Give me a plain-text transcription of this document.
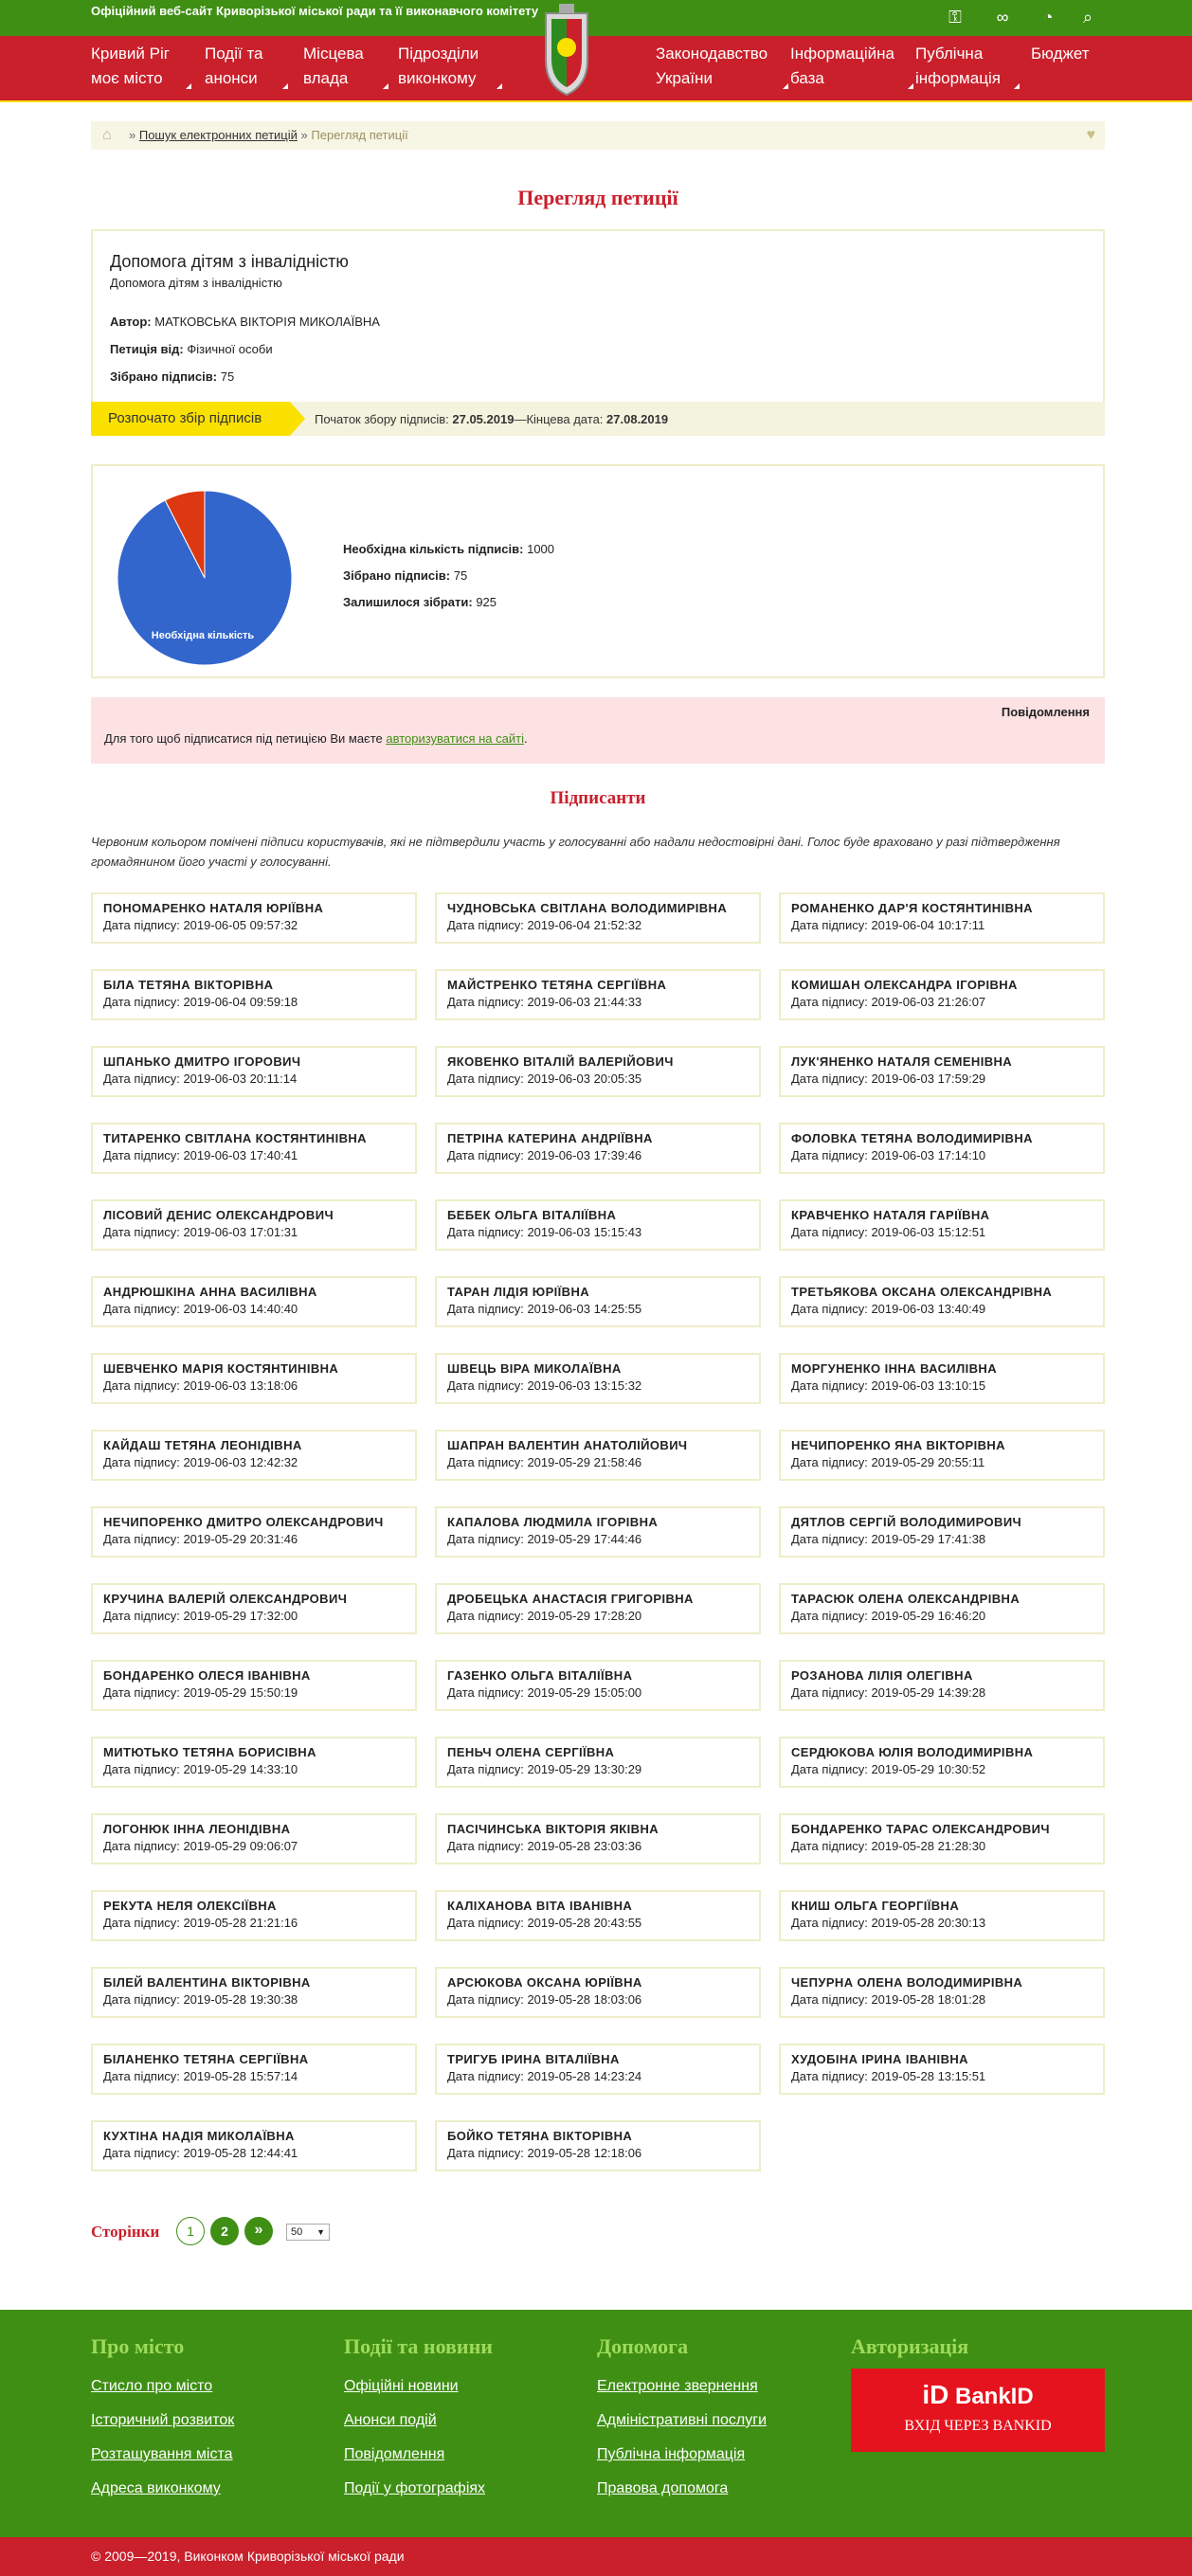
Офіційний веб-сайт Криворізької міської ради та її виконавчого комітету	⚿	∞	◔	⌕
Кривий Ріг моє місто
Події та анонси
Місцева влада
Підрозділи виконкому
Законодавство України
Інформаційна база
Публічна інформація
Бюджет
⌂ » Пошук електронних петицій » Перегляд петиції	♥
Перегляд петиції
Допомога дітям з інвалідністю
Допомога дітям з інвалідністю
Автор: МАТКОВСЬКА ВІКТОРІЯ МИКОЛАЇВНА
Петиція від: Фізичної особи
Зібрано підписів: 75
Розпочато збір підписів	Початок збору підписів: 27.05.2019—Кінцева дата: 27.08.2019
Необхідна кількість
Необхідна кількість підписів: 1000
Зібрано підписів: 75
Залишилося зібрати: 925
Повідомлення
Для того щоб підписатися під петицією Ви маєте авторизуватися на сайті.
Підписанти
Червоним кольором помічені підписи користувачів, які не підтвердили участь у голосуванні або надали недостовірні дані. Голос буде враховано у разі підтвердження громадянином його участі у голосуванні.
ПОНОМАРЕНКО НАТАЛЯ ЮРІЇВНА
Дата підпису: 2019-06-05 09:57:32
ЧУДНОВСЬКА СВІТЛАНА ВОЛОДИМИРІВНА
Дата підпису: 2019-06-04 21:52:32
РОМАНЕНКО ДАР'Я КОСТЯНТИНІВНА
Дата підпису: 2019-06-04 10:17:11
БІЛА ТЕТЯНА ВІКТОРІВНА
Дата підпису: 2019-06-04 09:59:18
МАЙСТРЕНКО ТЕТЯНА СЕРГІЇВНА
Дата підпису: 2019-06-03 21:44:33
КОМИШАН ОЛЕКСАНДРА ІГОРІВНА
Дата підпису: 2019-06-03 21:26:07
ШПАНЬКО ДМИТРО ІГОРОВИЧ
Дата підпису: 2019-06-03 20:11:14
ЯКОВЕНКО ВІТАЛІЙ ВАЛЕРІЙОВИЧ
Дата підпису: 2019-06-03 20:05:35
ЛУК'ЯНЕНКО НАТАЛЯ СЕМЕНІВНА
Дата підпису: 2019-06-03 17:59:29
ТИТАРЕНКО СВІТЛАНА КОСТЯНТИНІВНА
Дата підпису: 2019-06-03 17:40:41
ПЕТРІНА КАТЕРИНА АНДРІЇВНА
Дата підпису: 2019-06-03 17:39:46
ФОЛОВКА ТЕТЯНА ВОЛОДИМИРІВНА
Дата підпису: 2019-06-03 17:14:10
ЛІСОВИЙ ДЕНИС ОЛЕКСАНДРОВИЧ
Дата підпису: 2019-06-03 17:01:31
БЕБЕК ОЛЬГА ВІТАЛІЇВНА
Дата підпису: 2019-06-03 15:15:43
КРАВЧЕНКО НАТАЛЯ ГАРІЇВНА
Дата підпису: 2019-06-03 15:12:51
АНДРЮШКІНА АННА ВАСИЛІВНА
Дата підпису: 2019-06-03 14:40:40
ТАРАН ЛІДІЯ ЮРІЇВНА
Дата підпису: 2019-06-03 14:25:55
ТРЕТЬЯКОВА ОКСАНА ОЛЕКСАНДРІВНА
Дата підпису: 2019-06-03 13:40:49
ШЕВЧЕНКО МАРІЯ КОСТЯНТИНІВНА
Дата підпису: 2019-06-03 13:18:06
ШВЕЦЬ ВІРА МИКОЛАЇВНА
Дата підпису: 2019-06-03 13:15:32
МОРГУНЕНКО ІННА ВАСИЛІВНА
Дата підпису: 2019-06-03 13:10:15
КАЙДАШ ТЕТЯНА ЛЕОНІДІВНА
Дата підпису: 2019-06-03 12:42:32
ШАПРАН ВАЛЕНТИН АНАТОЛІЙОВИЧ
Дата підпису: 2019-05-29 21:58:46
НЕЧИПОРЕНКО ЯНА ВІКТОРІВНА
Дата підпису: 2019-05-29 20:55:11
НЕЧИПОРЕНКО ДМИТРО ОЛЕКСАНДРОВИЧ
Дата підпису: 2019-05-29 20:31:46
КАПАЛОВА ЛЮДМИЛА ІГОРІВНА
Дата підпису: 2019-05-29 17:44:46
ДЯТЛОВ СЕРГІЙ ВОЛОДИМИРОВИЧ
Дата підпису: 2019-05-29 17:41:38
КРУЧИНА ВАЛЕРІЙ ОЛЕКСАНДРОВИЧ
Дата підпису: 2019-05-29 17:32:00
ДРОБЕЦЬКА АНАСТАСІЯ ГРИГОРІВНА
Дата підпису: 2019-05-29 17:28:20
ТАРАСЮК ОЛЕНА ОЛЕКСАНДРІВНА
Дата підпису: 2019-05-29 16:46:20
БОНДАРЕНКО ОЛЕСЯ ІВАНІВНА
Дата підпису: 2019-05-29 15:50:19
ГАЗЕНКО ОЛЬГА ВІТАЛІЇВНА
Дата підпису: 2019-05-29 15:05:00
РОЗАНОВА ЛІЛІЯ ОЛЕГІВНА
Дата підпису: 2019-05-29 14:39:28
МИТЮТЬКО ТЕТЯНА БОРИСІВНА
Дата підпису: 2019-05-29 14:33:10
ПЕНЬЧ ОЛЕНА СЕРГІЇВНА
Дата підпису: 2019-05-29 13:30:29
СЕРДЮКОВА ЮЛІЯ ВОЛОДИМИРІВНА
Дата підпису: 2019-05-29 10:30:52
ЛОГОНЮК ІННА ЛЕОНІДІВНА
Дата підпису: 2019-05-29 09:06:07
ПАСІЧИНСЬКА ВІКТОРІЯ ЯКІВНА
Дата підпису: 2019-05-28 23:03:36
БОНДАРЕНКО ТАРАС ОЛЕКСАНДРОВИЧ
Дата підпису: 2019-05-28 21:28:30
РЕКУТА НЕЛЯ ОЛЕКСІЇВНА
Дата підпису: 2019-05-28 21:21:16
КАЛІХАНОВА ВІТА ІВАНІВНА
Дата підпису: 2019-05-28 20:43:55
КНИШ ОЛЬГА ГЕОРГІЇВНА
Дата підпису: 2019-05-28 20:30:13
БІЛЕЙ ВАЛЕНТИНА ВІКТОРІВНА
Дата підпису: 2019-05-28 19:30:38
АРСЮКОВА ОКСАНА ЮРІЇВНА
Дата підпису: 2019-05-28 18:03:06
ЧЕПУРНА ОЛЕНА ВОЛОДИМИРІВНА
Дата підпису: 2019-05-28 18:01:28
БІЛАНЕНКО ТЕТЯНА СЕРГІЇВНА
Дата підпису: 2019-05-28 15:57:14
ТРИГУБ ІРИНА ВІТАЛІЇВНА
Дата підпису: 2019-05-28 14:23:24
ХУДОБІНА ІРИНА ІВАНІВНА
Дата підпису: 2019-05-28 13:15:51
КУХТІНА НАДІЯ МИКОЛАЇВНА
Дата підпису: 2019-05-28 12:44:41
БОЙКО ТЕТЯНА ВІКТОРІВНА
Дата підпису: 2019-05-28 12:18:06
Сторінки	1	2	»	50 ▼
Про місто
Стисло про місто
Історичний розвиток
Розташування міста
Адреса виконкому
Події та новини
Офіційні новини
Анонси подій
Повідомлення
Події у фотографіях
Допомога
Електронне звернення
Адміністративні послуги
Публічна інформація
Правова допомога
Авторизація
iD BankID
ВХІД ЧЕРЕЗ BANKID
© 2009—2019, Виконком Криворізької міської ради
